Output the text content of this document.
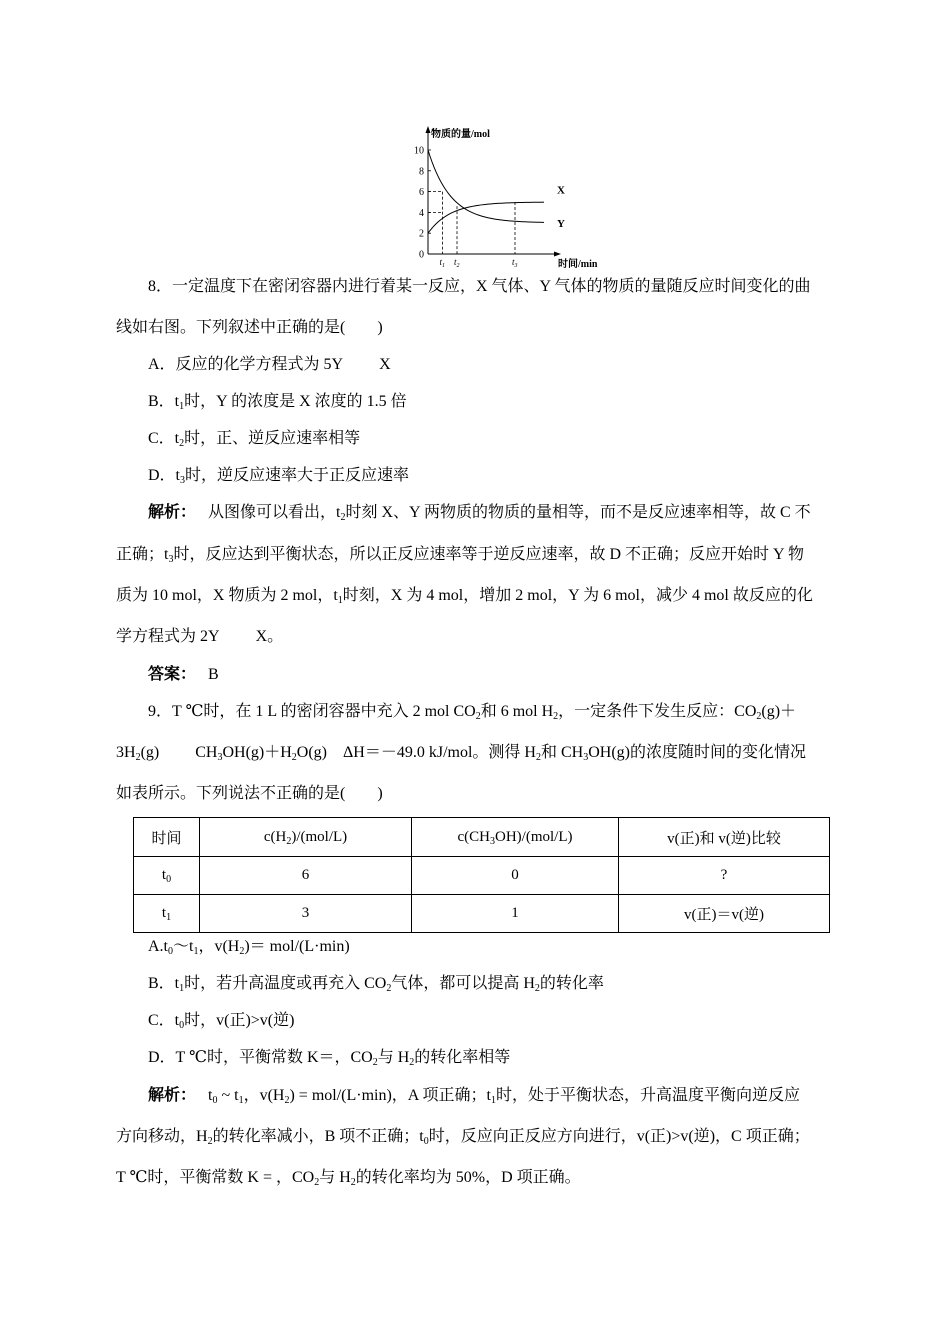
物质的量/mol
时间/min
0
2
4
6
8
10
$t_1$ $t_2$	$t_3$
X
Y
8．一定温度下在密闭容器内进行着某一反应，X 气体、Y 气体的物质的量随反应时间变化的曲
线如右图。下列叙述中正确的是(　　)
A．反应的化学方程式为 5Y X
B．$t_1$时，Y 的浓度是 X 浓度的 1.5 倍
C．$t_2$时，正、逆反应速率相等
D．$t_3$时，逆反应速率大于正反应速率
解析： 从图像可以看出，$t_2$时刻 X、Y 两物质的物质的量相等，而不是反应速率相等，故 C 不
正确；$t_3$时，反应达到平衡状态，所以正反应速率等于逆反应速率，故 D 不正确；反应开始时 Y 物
质为 10 mol，X 物质为 2 mol，$t_1$时刻，X 为 4 mol，增加 2 mol，Y 为 6 mol，减少 4 mol 故反应的化
学方程式为 2Y X。
答案： B
9．T ℃时，在 1 L 的密闭容器中充入 2 mol $CO_2$和 6 mol $H_2$，一定条件下发生反应：$CO_2(g)+$
$3H_2(g)$ $CH_3OH(g)+H_2O(g)$　ΔH＝－49.0 kJ/mol。测得 $H_2$和 $CH_3OH(g)$的浓度随时间的变化情况
如表所示。下列说法不正确的是(　　)
时间	$c(H_2)/(mol/L)$	$c(CH_3OH)/(mol/L)$	v(正)和 v(逆)比较
$t_0$	6	0	?
$t_1$	3	1	v(正)＝v(逆)
$A.t_0\sim t_1$，$v(H_2)= mol/(L\cdot\min)$
B．$t_1$时，若升高温度或再充入 $CO_2$气体，都可以提高 $H_2$的转化率
C．$t_0$时，v(正)>v(逆)
D．T ℃时，平衡常数 K＝，$CO_2$与 $H_2$的转化率相等
解析： $t_0$ ~ $t_1$，$v(H_2) = mol/(L\cdot\min)$，A 项正确；$t_1$时，处于平衡状态，升高温度平衡向逆反应
方向移动，$H_2$的转化率减小，B 项不正确；$t_0$时，反应向正反应方向进行，v(正)>v(逆)，C 项正确；
T ℃时，平衡常数 K = ，$CO_2$与 $H_2$的转化率均为 50%，D 项正确。
